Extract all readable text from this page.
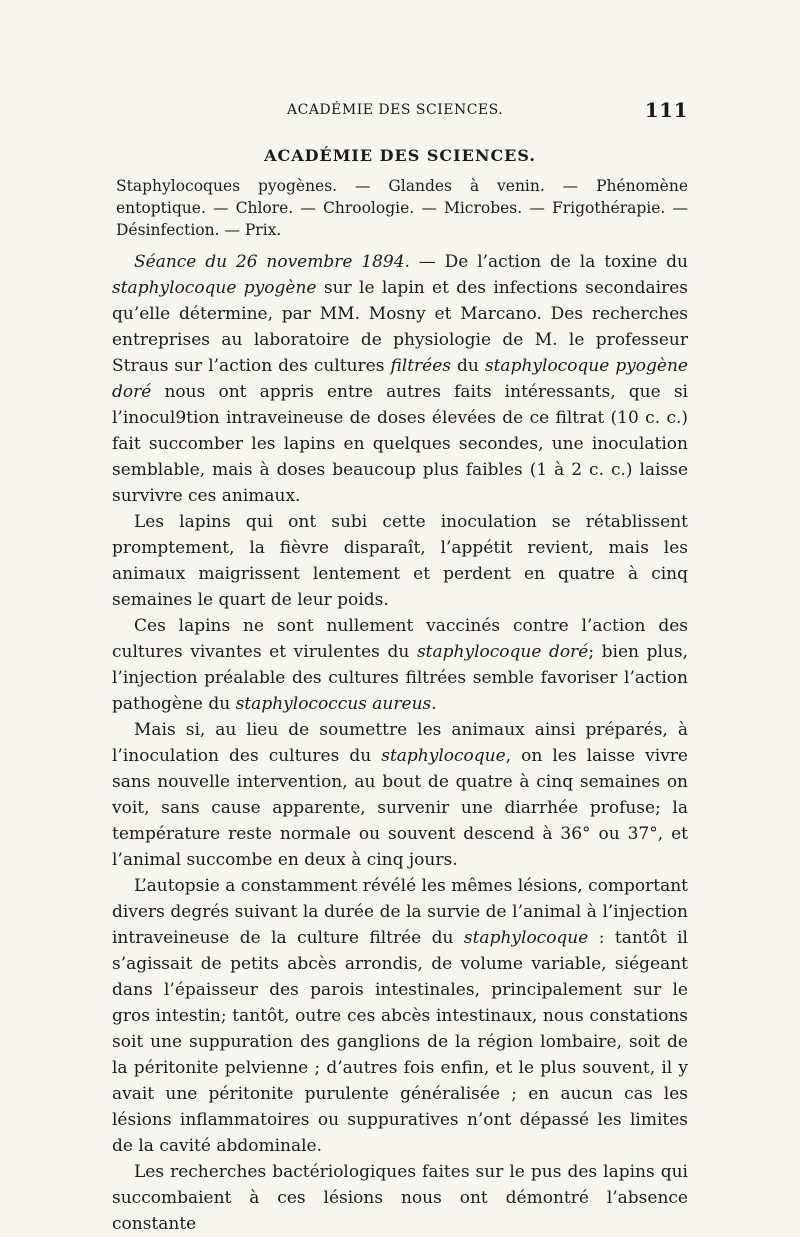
ACADÉMIE DES SCIENCES.	111
ACADÉMIE DES SCIENCES.

Staphylocoques pyogènes. — Glandes à venin. — Phénomène entoptique. — Chlore. — Chroologie. — Microbes. — Frigothérapie. — Désinfection. — Prix.

Séance du 26 novembre 1894. — De l’action de la toxine du staphylocoque pyogène sur le lapin et des infections secondaires qu’elle détermine, par MM. Mosny et Marcano. Des recherches entreprises au laboratoire de physiologie de M. le professeur Straus sur l’action des cultures filtrées du staphylocoque pyogène doré nous ont appris entre autres faits intéressants, que si l’inocul9tion intraveineuse de doses élevées de ce filtrat (10 c. c.) fait succomber les lapins en quelques secondes, une inoculation semblable, mais à doses beaucoup plus faibles (1 à 2 c. c.) laisse survivre ces animaux.

Les lapins qui ont subi cette inoculation se rétablissent promptement, la fièvre disparaît, l’appétit revient, mais les animaux maigrissent lentement et perdent en quatre à cinq semaines le quart de leur poids.

Ces lapins ne sont nullement vaccinés contre l’action des cultures vivantes et virulentes du staphylocoque doré; bien plus, l’injection préalable des cultures filtrées semble favoriser l’action pathogène du staphylococcus aureus.

Mais si, au lieu de soumettre les animaux ainsi préparés, à l’inoculation des cultures du staphylocoque, on les laisse vivre sans nouvelle intervention, au bout de quatre à cinq semaines on voit, sans cause apparente, survenir une diarrhée profuse; la température reste normale ou souvent descend à 36° ou 37°, et l’animal succombe en deux à cinq jours.

L’autopsie a constamment révélé les mêmes lésions, comportant divers degrés suivant la durée de la survie de l’animal à l’injection intraveineuse de la culture filtrée du staphylocoque : tantôt il s’agissait de petits abcès arrondis, de volume variable, siégeant dans l’épaisseur des parois intestinales, principalement sur le gros intestin; tantôt, outre ces abcès intestinaux, nous constations soit une suppuration des ganglions de la région lombaire, soit de la péritonite pelvienne ; d’autres fois enfin, et le plus souvent, il y avait une péritonite purulente généralisée ; en aucun cas les lésions inflammatoires ou suppuratives n’ont dépassé les limites de la cavité abdominale.

Les recherches bactériologiques faites sur le pus des lapins qui succombaient à ces lésions nous ont démontré l’absence constante
